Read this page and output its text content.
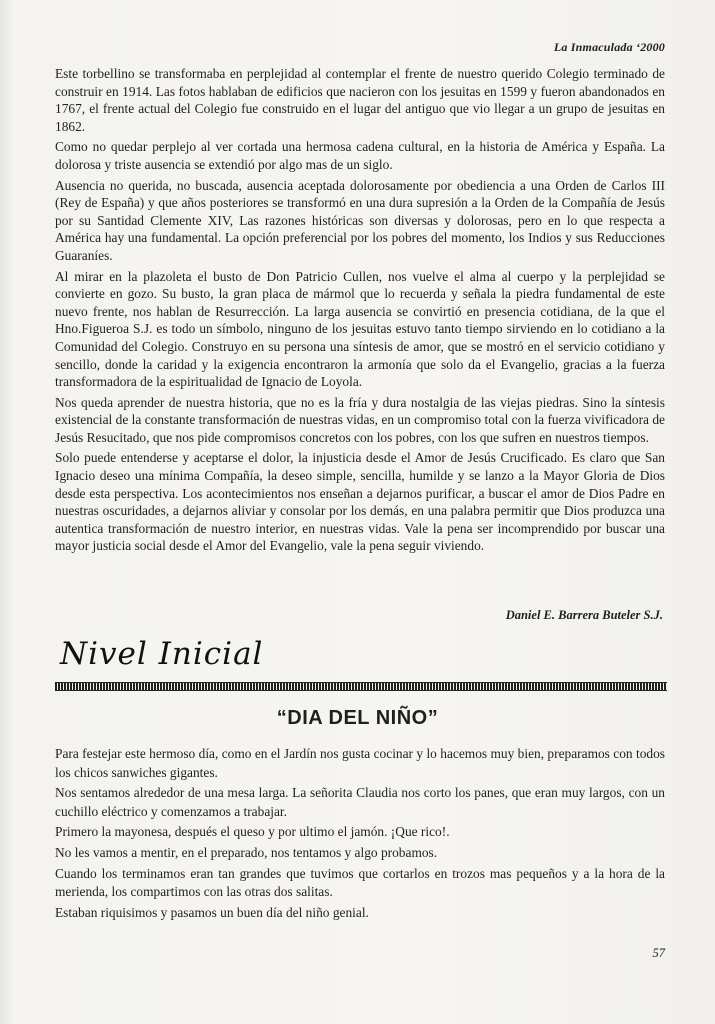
La Inmaculada ‘2000

Este torbellino se transformaba en perplejidad al contemplar el frente de nuestro querido Colegio terminado de construir en 1914. Las fotos hablaban de edificios que nacieron con los jesuitas en 1599 y fueron abandonados en 1767, el frente actual del Colegio fue construido en el lugar del antiguo que vio llegar a un grupo de jesuitas en 1862.

Como no quedar perplejo al ver cortada una hermosa cadena cultural, en la historia de América y España. La dolorosa y triste ausencia se extendió por algo mas de un siglo.

Ausencia no querida, no buscada, ausencia aceptada dolorosamente por obediencia a una Orden de Carlos III (Rey de España) y que años posteriores se transformó en una dura supresión a la Orden de la Compañía de Jesús por su Santidad Clemente XIV, Las razones históricas son diversas y dolorosas, pero en lo que respecta a América hay una fundamental. La opción preferencial por los pobres del momento, los Indios y sus Reducciones Guaraníes.

Al mirar en la plazoleta el busto de Don Patricio Cullen, nos vuelve el alma al cuerpo y la perplejidad se convierte en gozo. Su busto, la gran placa de mármol que lo recuerda y señala la piedra fundamental de este nuevo frente, nos hablan de Resurrección. La larga ausencia se convirtió en presencia cotidiana, de la que el Hno.Figueroa S.J. es todo un símbolo, ninguno de los jesuitas estuvo tanto tiempo sirviendo en lo cotidiano a la Comunidad del Colegio. Construyo en su persona una síntesis de amor, que se mostró en el servicio cotidiano y sencillo, donde la caridad y la exigencia encontraron la armonía que solo da el Evangelio, gracias a la fuerza transformadora de la espiritualidad de Ignacio de Loyola.

Nos queda aprender de nuestra historia, que no es la fría y dura nostalgia de las viejas piedras. Sino la síntesis existencial de la constante transformación de nuestras vidas, en un compromiso total con la fuerza vivificadora de Jesús Resucitado, que nos pide compromisos concretos con los pobres, con los que sufren en nuestros tiempos.

Solo puede entenderse y aceptarse el dolor, la injusticia desde el Amor de Jesús Crucificado. Es claro que San Ignacio deseo una mínima Compañía, la deseo simple, sencilla, humilde y se lanzo a la Mayor Gloria de Dios desde esta perspectiva. Los acontecimientos nos enseñan a dejarnos purificar, a buscar el amor de Dios Padre en nuestras oscuridades, a dejarnos aliviar y consolar por los demás, en una palabra permitir que Dios produzca una autentica transformación de nuestro interior, en nuestras vidas. Vale la pena ser incomprendido por buscar una mayor justicia social desde el Amor del Evangelio, vale la pena seguir viviendo.

Daniel E. Barrera Buteler S.J.
Nivel Inicial
“DIA DEL NIÑO”

Para festejar este hermoso día, como en el Jardín nos gusta cocinar y lo hacemos muy bien, preparamos con todos los chicos sanwiches gigantes.

Nos sentamos alrededor de una mesa larga. La señorita Claudia nos corto los panes, que eran muy largos, con un cuchillo eléctrico y comenzamos a trabajar.

Primero la mayonesa, después el queso y por ultimo el jamón. ¡Que rico!.

No les vamos a mentir, en el preparado, nos tentamos y algo probamos.

Cuando los terminamos eran tan grandes que tuvimos que cortarlos en trozos mas pequeños y a la hora de la merienda, los compartimos con las otras dos salitas.

Estaban riquisimos y pasamos un buen día del niño genial.

57
